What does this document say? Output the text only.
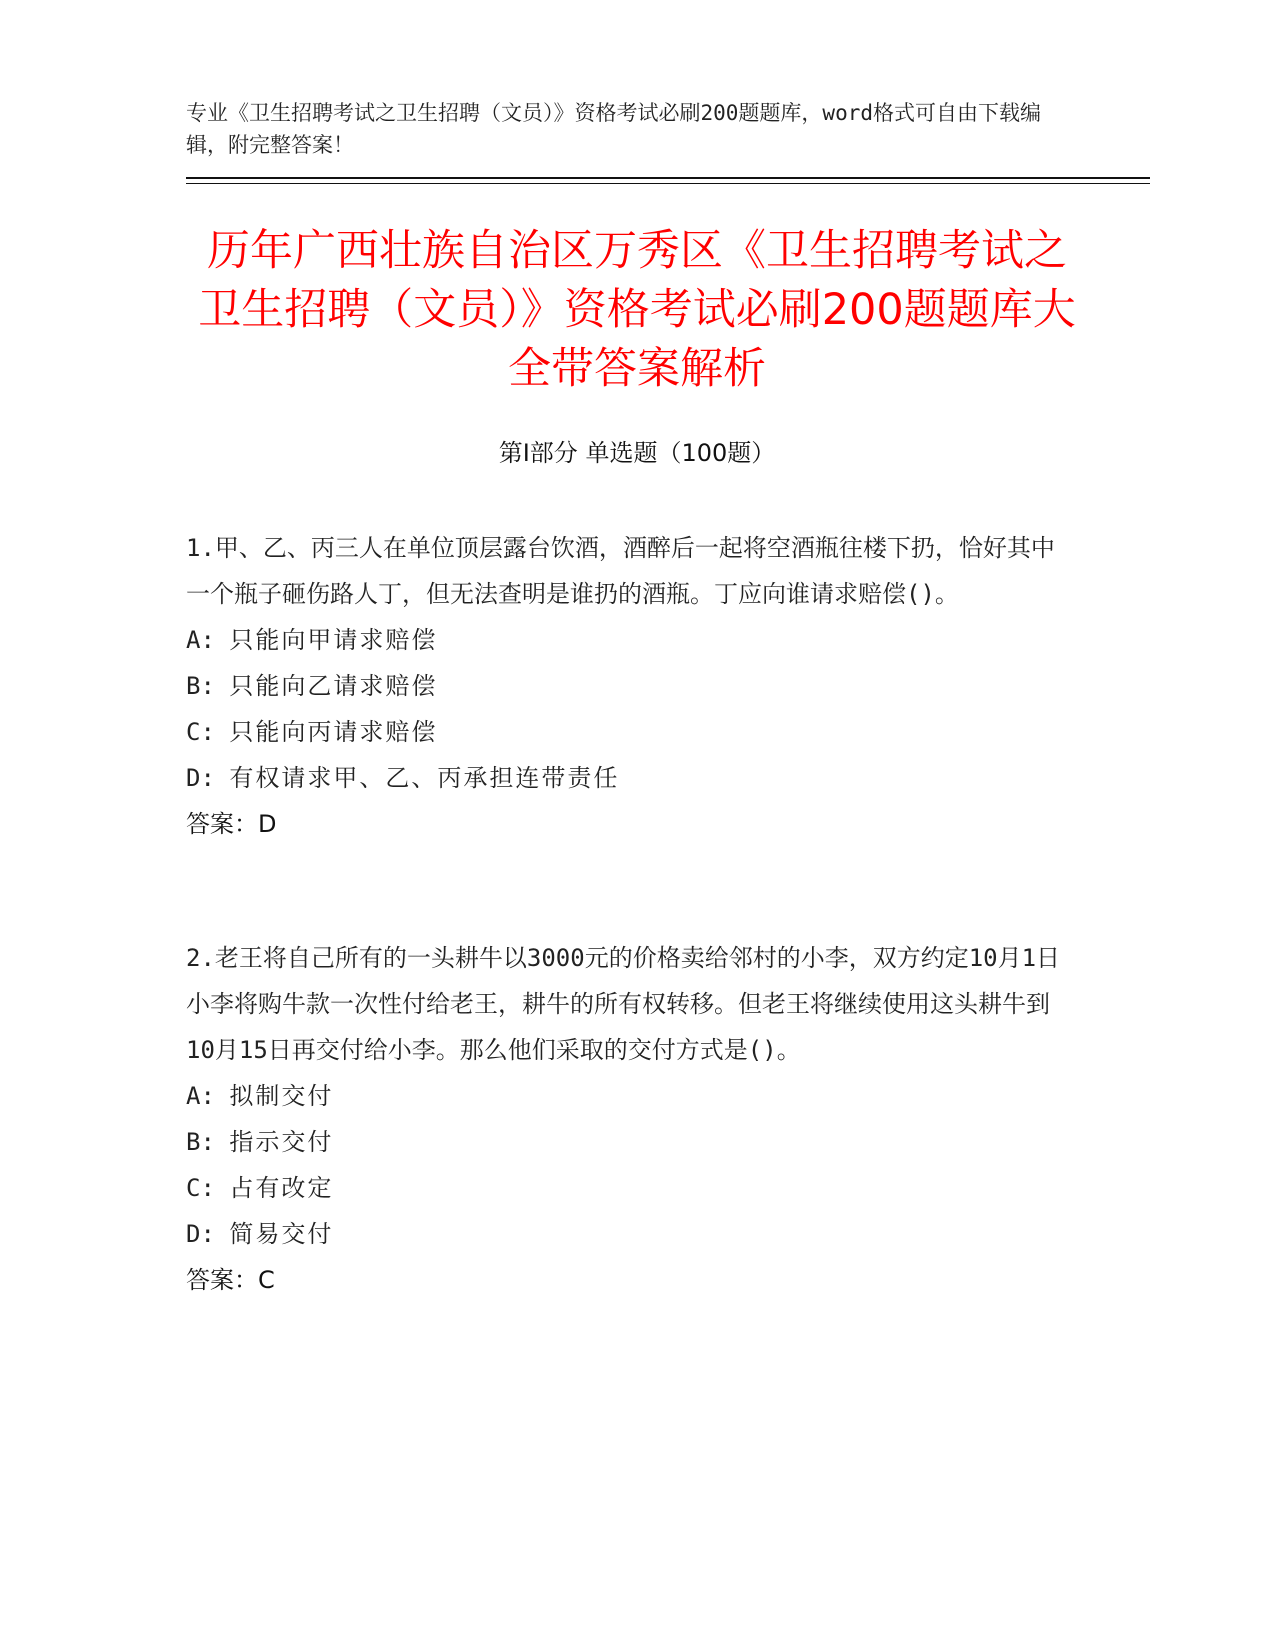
专业《卫生招聘考试之卫生招聘（文员）》资格考试必刷200题题库，word格式可自由下载编辑，附完整答案！

历年广西壮族自治区万秀区《卫生招聘考试之卫生招聘（文员）》资格考试必刷200题题库大全带答案解析
第I部分 单选题（100题）

1.甲、乙、丙三人在单位顶层露台饮酒，酒醉后一起将空酒瓶往楼下扔，恰好其中一个瓶子砸伤路人丁，但无法查明是谁扔的酒瓶。丁应向谁请求赔偿()。

A: 只能向甲请求赔偿

B: 只能向乙请求赔偿

C: 只能向丙请求赔偿

D: 有权请求甲、乙、丙承担连带责任

答案：D

2.老王将自己所有的一头耕牛以3000元的价格卖给邻村的小李，双方约定10月1日小李将购牛款一次性付给老王，耕牛的所有权转移。但老王将继续使用这头耕牛到10月15日再交付给小李。那么他们采取的交付方式是()。

A: 拟制交付

B: 指示交付

C: 占有改定

D: 简易交付

答案：C
